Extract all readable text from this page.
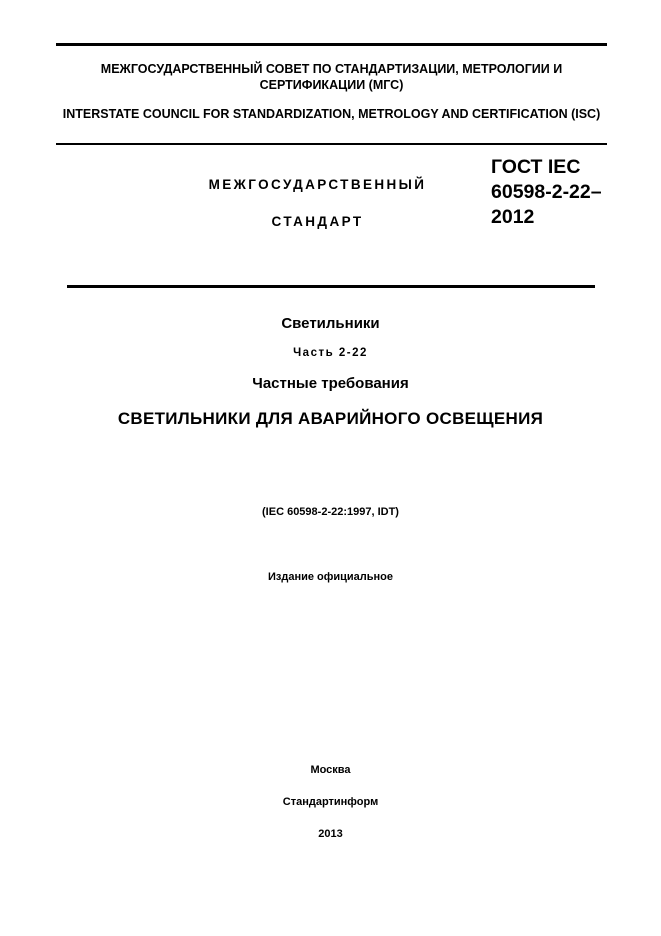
МЕЖГОСУДАРСТВЕННЫЙ СОВЕТ ПО СТАНДАРТИЗАЦИИ, МЕТРОЛОГИИ И СЕРТИФИКАЦИИ (МГС)
INTERSTATE COUNCIL FOR STANDARDIZATION, METROLOGY AND CERTIFICATION (ISC)
МЕЖГОСУДАРСТВЕННЫЙ
СТАНДАРТ
ГОСТ IEC 60598-2-22–2012
Светильники
Часть 2-22
Частные требования
СВЕТИЛЬНИКИ ДЛЯ АВАРИЙНОГО ОСВЕЩЕНИЯ
(IEC 60598-2-22:1997, IDT)
Издание официальное
Москва
Стандартинформ
2013
